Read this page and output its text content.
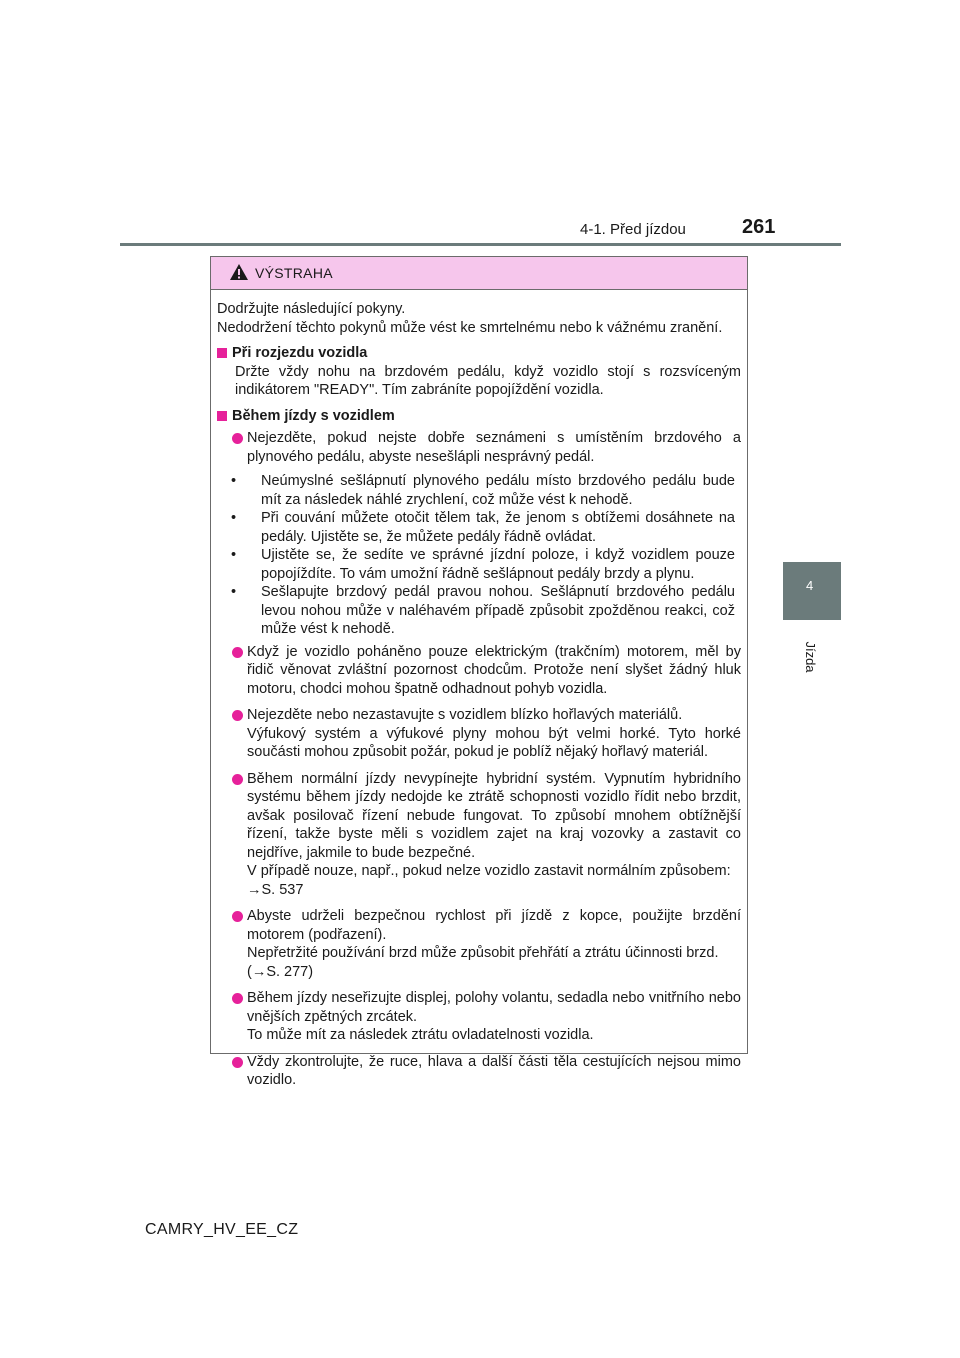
4-1. Před jízdou	261
4
Jízda
VÝSTRAHA

Dodržujte následující pokyny.

Nedodržení těchto pokynů může vést ke smrtelnému nebo k vážnému zranění.

Při rozjezdu vozidla

Držte vždy nohu na brzdovém pedálu, když vozidlo stojí s rozsvíceným indikátorem "READY". Tím zabráníte popojíždění vozidla.

Během jízdy s vozidlem

Nejezděte, pokud nejste dobře seznámeni s umístěním brzdového a plynového pedálu, abyste nesešlápli nesprávný pedál.

• Neúmyslné sešlápnutí plynového pedálu místo brzdového pedálu bude mít za následek náhlé zrychlení, což může vést k nehodě.
• Při couvání můžete otočit tělem tak, že jenom s obtížemi dosáhnete na pedály. Ujistěte se, že můžete pedály řádně ovládat.
• Ujistěte se, že sedíte ve správné jízdní poloze, i když vozidlem pouze popojíždíte. To vám umožní řádně sešlápnout pedály brzdy a plynu.
• Sešlapujte brzdový pedál pravou nohou. Sešlápnutí brzdového pedálu levou nohou může v naléhavém případě způsobit zpožděnou reakci, což může vést k nehodě.

Když je vozidlo poháněno pouze elektrickým (trakčním) motorem, měl by řidič věnovat zvláštní pozornost chodcům. Protože není slyšet žádný hluk motoru, chodci mohou špatně odhadnout pohyb vozidla.

Nejezděte nebo nezastavujte s vozidlem blízko hořlavých materiálů.

Výfukový systém a výfukové plyny mohou být velmi horké. Tyto horké součásti mohou způsobit požár, pokud je poblíž nějaký hořlavý materiál.

Během normální jízdy nevypínejte hybridní systém. Vypnutím hybridního systému během jízdy nedojde ke ztrátě schopnosti vozidlo řídit nebo brzdit, avšak posilovač řízení nebude fungovat. To způsobí mnohem obtížnější řízení, takže byste měli s vozidlem zajet na kraj vozovky a zastavit co nejdříve, jakmile to bude bezpečné.

V případě nouze, např., pokud nelze vozidlo zastavit normálním způsobem:

→S. 537

Abyste udrželi bezpečnou rychlost při jízdě z kopce, použijte brzdění motorem (podřazení).

Nepřetržité používání brzd může způsobit přehřátí a ztrátu účinnosti brzd.

(→S. 277)

Během jízdy neseřizujte displej, polohy volantu, sedadla nebo vnitřního nebo vnějších zpětných zrcátek.

To může mít za následek ztrátu ovladatelnosti vozidla.

Vždy zkontrolujte, že ruce, hlava a další části těla cestujících nejsou mimo vozidlo.

CAMRY_HV_EE_CZ
